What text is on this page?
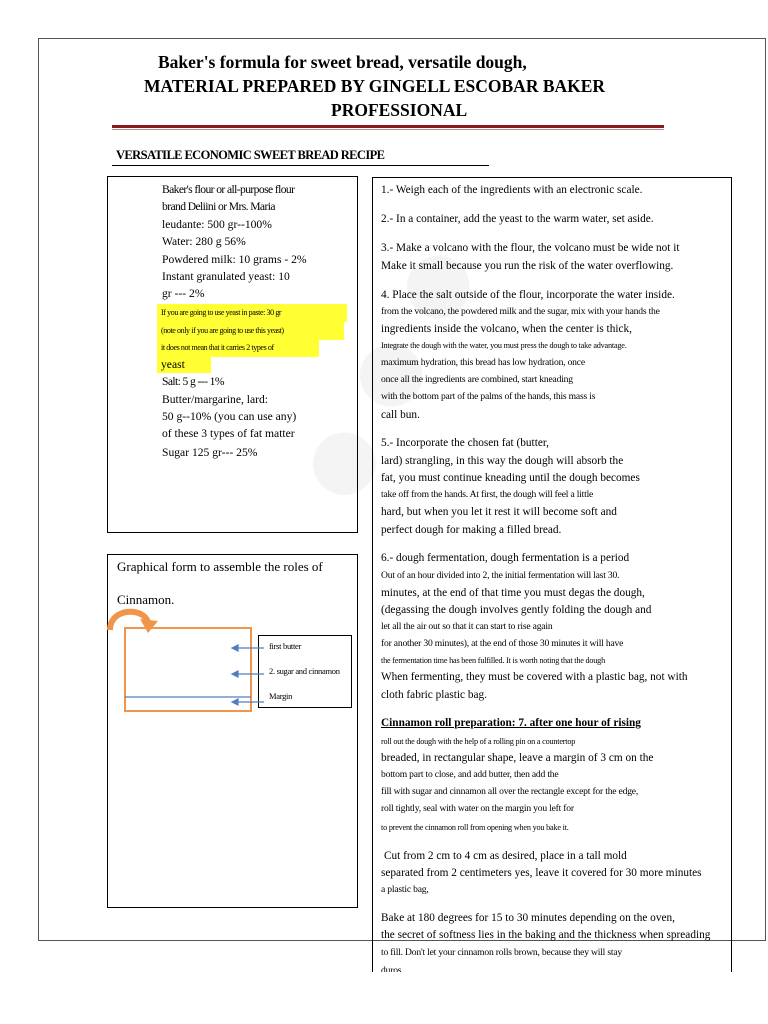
Baker's formula for sweet bread, versatile dough,
MATERIAL PREPARED BY GINGELL ESCOBAR BAKER
PROFESSIONAL
VERSATILE ECONOMIC SWEET BREAD RECIPE
Baker's flour or all-purpose flour
brand Deliini or Mrs. Maria
leudante: 500 gr--100%
Water: 280 g 56%
Powdered milk: 10 grams - 2%
Instant granulated yeast: 10
gr --- 2%
If you are going to use yeast in paste: 30 gr
(note only if you are going to use this yeast)
it does not mean that it carries 2 types of
yeast
Salt: 5 g --- 1%
Butter/margarine, lard:
50 g--10% (you can use any)
of these 3 types of fat matter
Sugar 125 gr--- 25%
Graphical form to assemble the roles of
Cinnamon.
first butter
2. sugar and cinnamon
Margin
1.- Weigh each of the ingredients with an electronic scale.
2.- In a container, add the yeast to the warm water, set aside.
3.- Make a volcano with the flour, the volcano must be wide not it
Make it small because you run the risk of the water overflowing.
4. Place the salt outside of the flour, incorporate the water inside.
from the volcano, the powdered milk and the sugar, mix with your hands the
ingredients inside the volcano, when the center is thick,
Integrate the dough with the water, you must press the dough to take advantage.
maximum hydration, this bread has low hydration, once
once all the ingredients are combined, start kneading
with the bottom part of the palms of the hands, this mass is
call bun.
5.- Incorporate the chosen fat (butter,
lard) strangling, in this way the dough will absorb the
fat, you must continue kneading until the dough becomes
take off from the hands. At first, the dough will feel a little
hard, but when you let it rest it will become soft and
perfect dough for making a filled bread.
6.- dough fermentation, dough fermentation is a period
Out of an hour divided into 2, the initial fermentation will last 30.
minutes, at the end of that time you must degas the dough,
(degassing the dough involves gently folding the dough and
let all the air out so that it can start to rise again
for another 30 minutes), at the end of those 30 minutes it will have
the fermentation time has been fulfilled. It is worth noting that the dough
When fermenting, they must be covered with a plastic bag, not with
cloth fabric plastic bag.
Cinnamon roll preparation: 7. after one hour of rising
roll out the dough with the help of a rolling pin on a countertop
breaded, in rectangular shape, leave a margin of 3 cm on the
bottom part to close, and add butter, then add the
fill with sugar and cinnamon all over the rectangle except for the edge,
roll tightly, seal with water on the margin you left for
to prevent the cinnamon roll from opening when you bake it.
Cut from 2 cm to 4 cm as desired, place in a tall mold
separated from 2 centimeters yes, leave it covered for 30 more minutes
a plastic bag,
Bake at 180 degrees for 15 to 30 minutes depending on the oven,
the secret of softness lies in the baking and the thickness when spreading
to fill. Don't let your cinnamon rolls brown, because they will stay
duros
